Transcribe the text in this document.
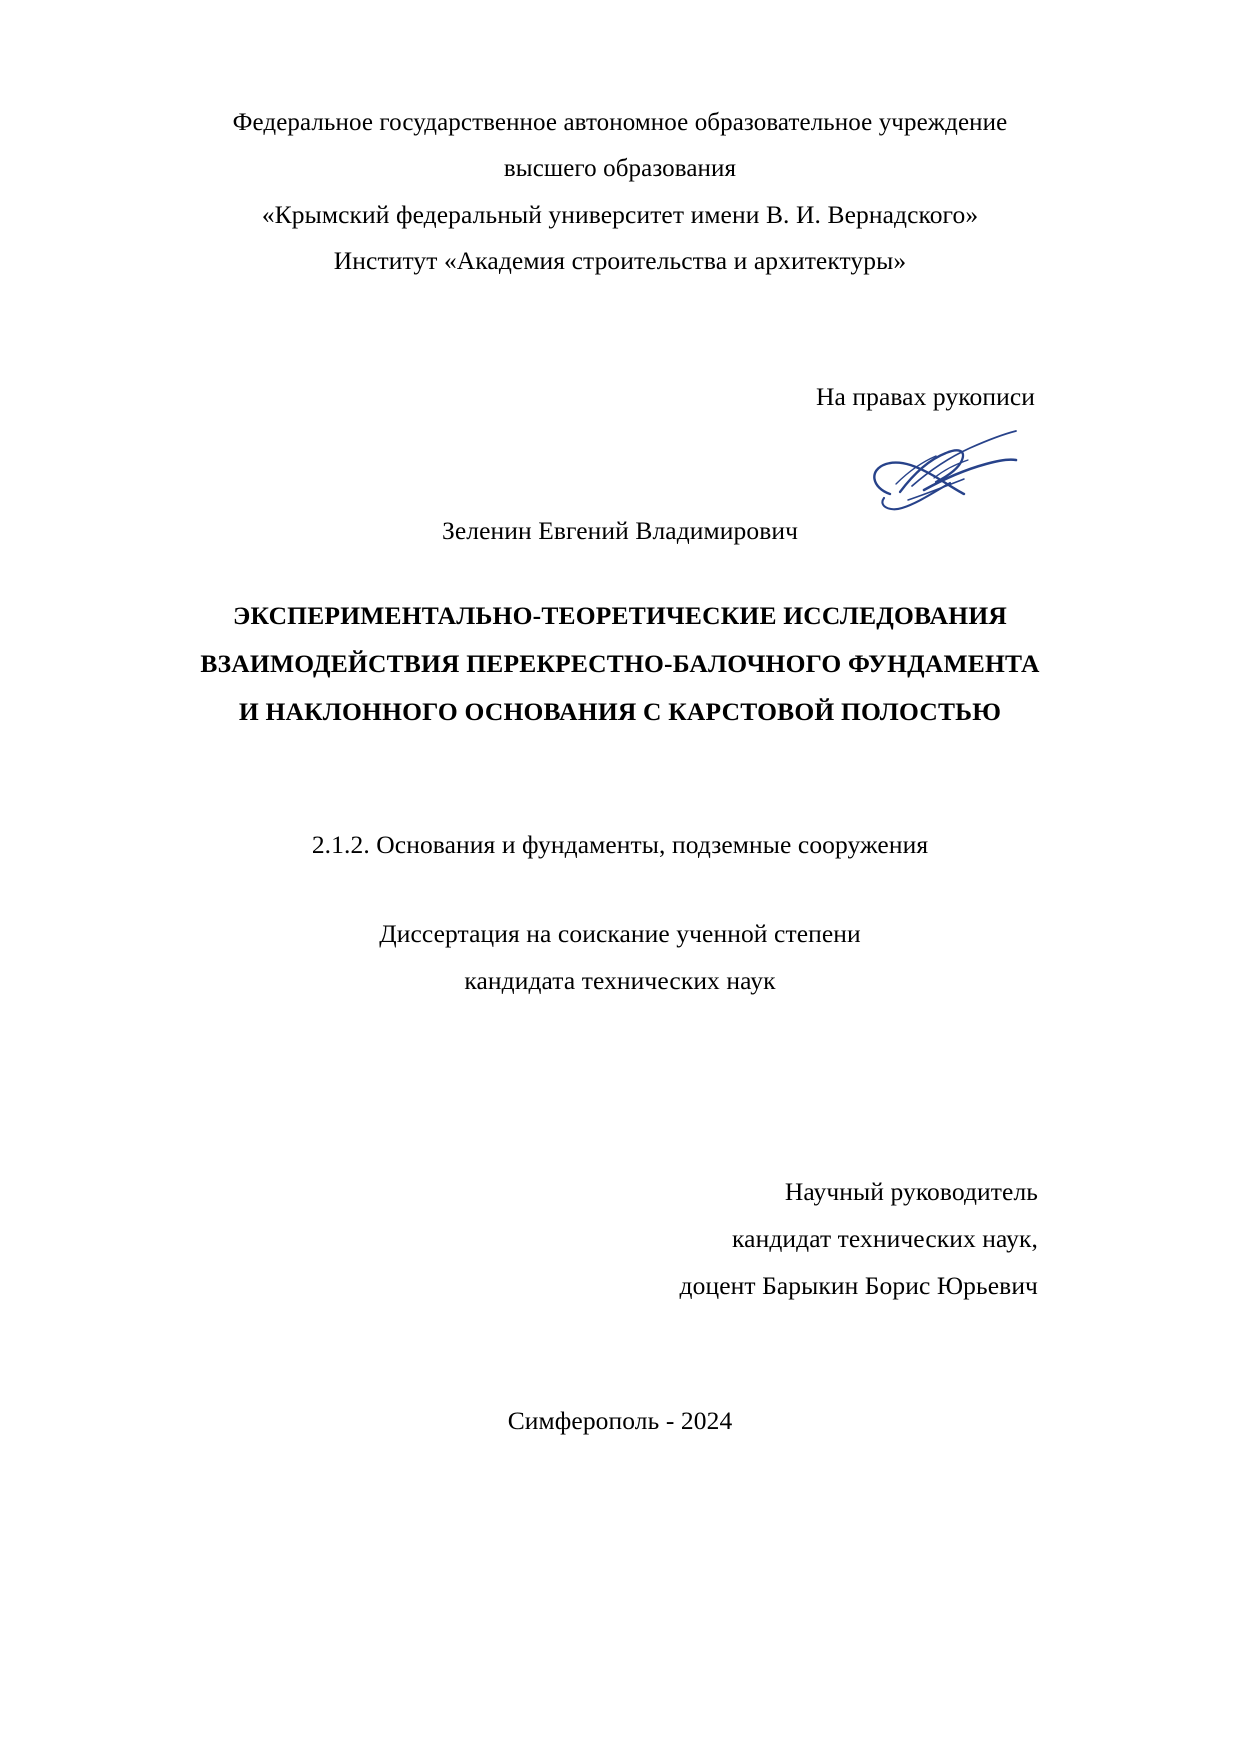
Федеральное государственное автономное образовательное учреждение
высшего образования
«Крымский федеральный университет имени В. И. Вернадского»
Институт «Академия строительства и архитектуры»
На правах рукописи
Зеленин Евгений Владимирович
ЭКСПЕРИМЕНТАЛЬНО-ТЕОРЕТИЧЕСКИЕ ИССЛЕДОВАНИЯ
ВЗАИМОДЕЙСТВИЯ ПЕРЕКРЕСТНО-БАЛОЧНОГО ФУНДАМЕНТА
И НАКЛОННОГО ОСНОВАНИЯ С КАРСТОВОЙ ПОЛОСТЬЮ
2.1.2. Основания и фундаменты, подземные сооружения
Диссертация на соискание ученной степени
кандидата технических наук
Научный руководитель
кандидат технических наук,
доцент Барыкин Борис Юрьевич
Симферополь - 2024
